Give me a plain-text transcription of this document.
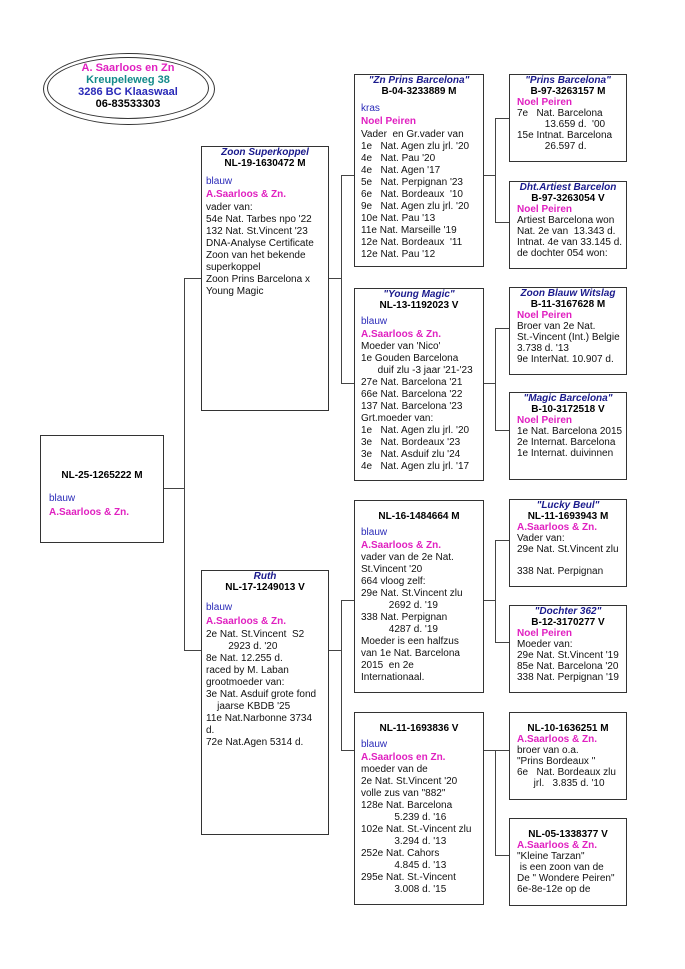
A. Saarloos en Zn
Kreupeleweg 38
3286 BC Klaaswaal
06-83533303
NL-25-1265222 M
blauw
A.Saarloos & Zn.
Zoon Superkoppel
NL-19-1630472 M
blauw
A.Saarloos & Zn.
vader van:
54e Nat. Tarbes npo '22
132 Nat. St.Vincent '23
DNA-Analyse Certificate
Zoon van het bekende
superkoppel
Zoon Prins Barcelona x
Young Magic
Ruth
NL-17-1249013 V
blauw
A.Saarloos & Zn.
2e Nat. St.Vincent  S2
2923 d. '20
8e Nat. 12.255 d.
raced by M. Laban
grootmoeder van:
3e Nat. Asduif grote fond
jaarse KBDB '25
11e Nat.Narbonne 3734
d.
72e Nat.Agen 5314 d.
"Zn Prins Barcelona"
B-04-3233889 M
kras
Noel Peiren
Vader  en Gr.vader van
1e   Nat. Agen zlu jrl. '20
4e   Nat. Pau '20
4e   Nat. Agen '17
5e   Nat. Perpignan '23
6e   Nat. Bordeaux  '10
9e   Nat. Agen zlu jrl. '20
10e Nat. Pau '13
11e Nat. Marseille '19
12e Nat. Bordeaux  '11
12e Nat. Pau '12
"Young Magic"
NL-13-1192023 V
blauw
A.Saarloos & Zn.
Moeder van 'Nico'
1e Gouden Barcelona
duif zlu -3 jaar '21-'23
27e Nat. Barcelona '21
66e Nat. Barcelona '22
137 Nat. Barcelona '23
Grt.moeder van:
1e   Nat. Agen zlu jrl. '20
3e   Nat. Bordeaux '23
3e   Nat. Asduif zlu '24
4e   Nat. Agen zlu jrl. '17
NL-16-1484664 M
blauw
A.Saarloos & Zn.
vader van de 2e Nat.
St.Vincent '20
664 vloog zelf:
29e Nat. St.Vincent zlu
2692 d. '19
338 Nat. Perpignan
4287 d. '19
Moeder is een halfzus
van 1e Nat. Barcelona
2015  en 2e
Internationaal.
NL-11-1693836 V
blauw
A.Saarloos en Zn.
moeder van de
2e Nat. St.Vincent '20
volle zus van "882"
128e Nat. Barcelona
5.239 d. '16
102e Nat. St.-Vincent zlu
3.294 d. '13
252e Nat. Cahors
4.845 d. '13
295e Nat. St.-Vincent
3.008 d. '15
"Prins Barcelona"
B-97-3263157 M
Noel Peiren
7e   Nat. Barcelona
13.659 d.  '00
15e Intnat. Barcelona
26.597 d.
Dht.Artiest Barcelon
B-97-3263054 V
Noel Peiren
Artiest Barcelona won
Nat. 2e van  13.343 d.
Intnat. 4e van 33.145 d.
de dochter 054 won:
Zoon Blauw Witslag
B-11-3167628 M
Noel Peiren
Broer van 2e Nat.
St.-Vincent (Int.) Belgie
3.738 d. '13
9e InterNat. 10.907 d.
"Magic Barcelona"
B-10-3172518 V
Noel Peiren
1e Nat. Barcelona 2015
2e Internat. Barcelona
1e Internat. duivinnen
"Lucky Beul"
NL-11-1693943 M
A.Saarloos & Zn.
Vader van:
29e Nat. St.Vincent zlu
338 Nat. Perpignan
"Dochter 362"
B-12-3170277 V
Noel Peiren
Moeder van:
29e Nat. St.Vincent '19
85e Nat. Barcelona '20
338 Nat. Perpignan '19
NL-10-1636251 M
A.Saarloos & Zn.
broer van o.a.
"Prins Bordeaux "
6e   Nat. Bordeaux zlu
jrl.   3.835 d. '10
NL-05-1338377 V
A.Saarloos & Zn.
"Kleine Tarzan"
is een zoon van de
De " Wondere Peiren"
6e-8e-12e op de
